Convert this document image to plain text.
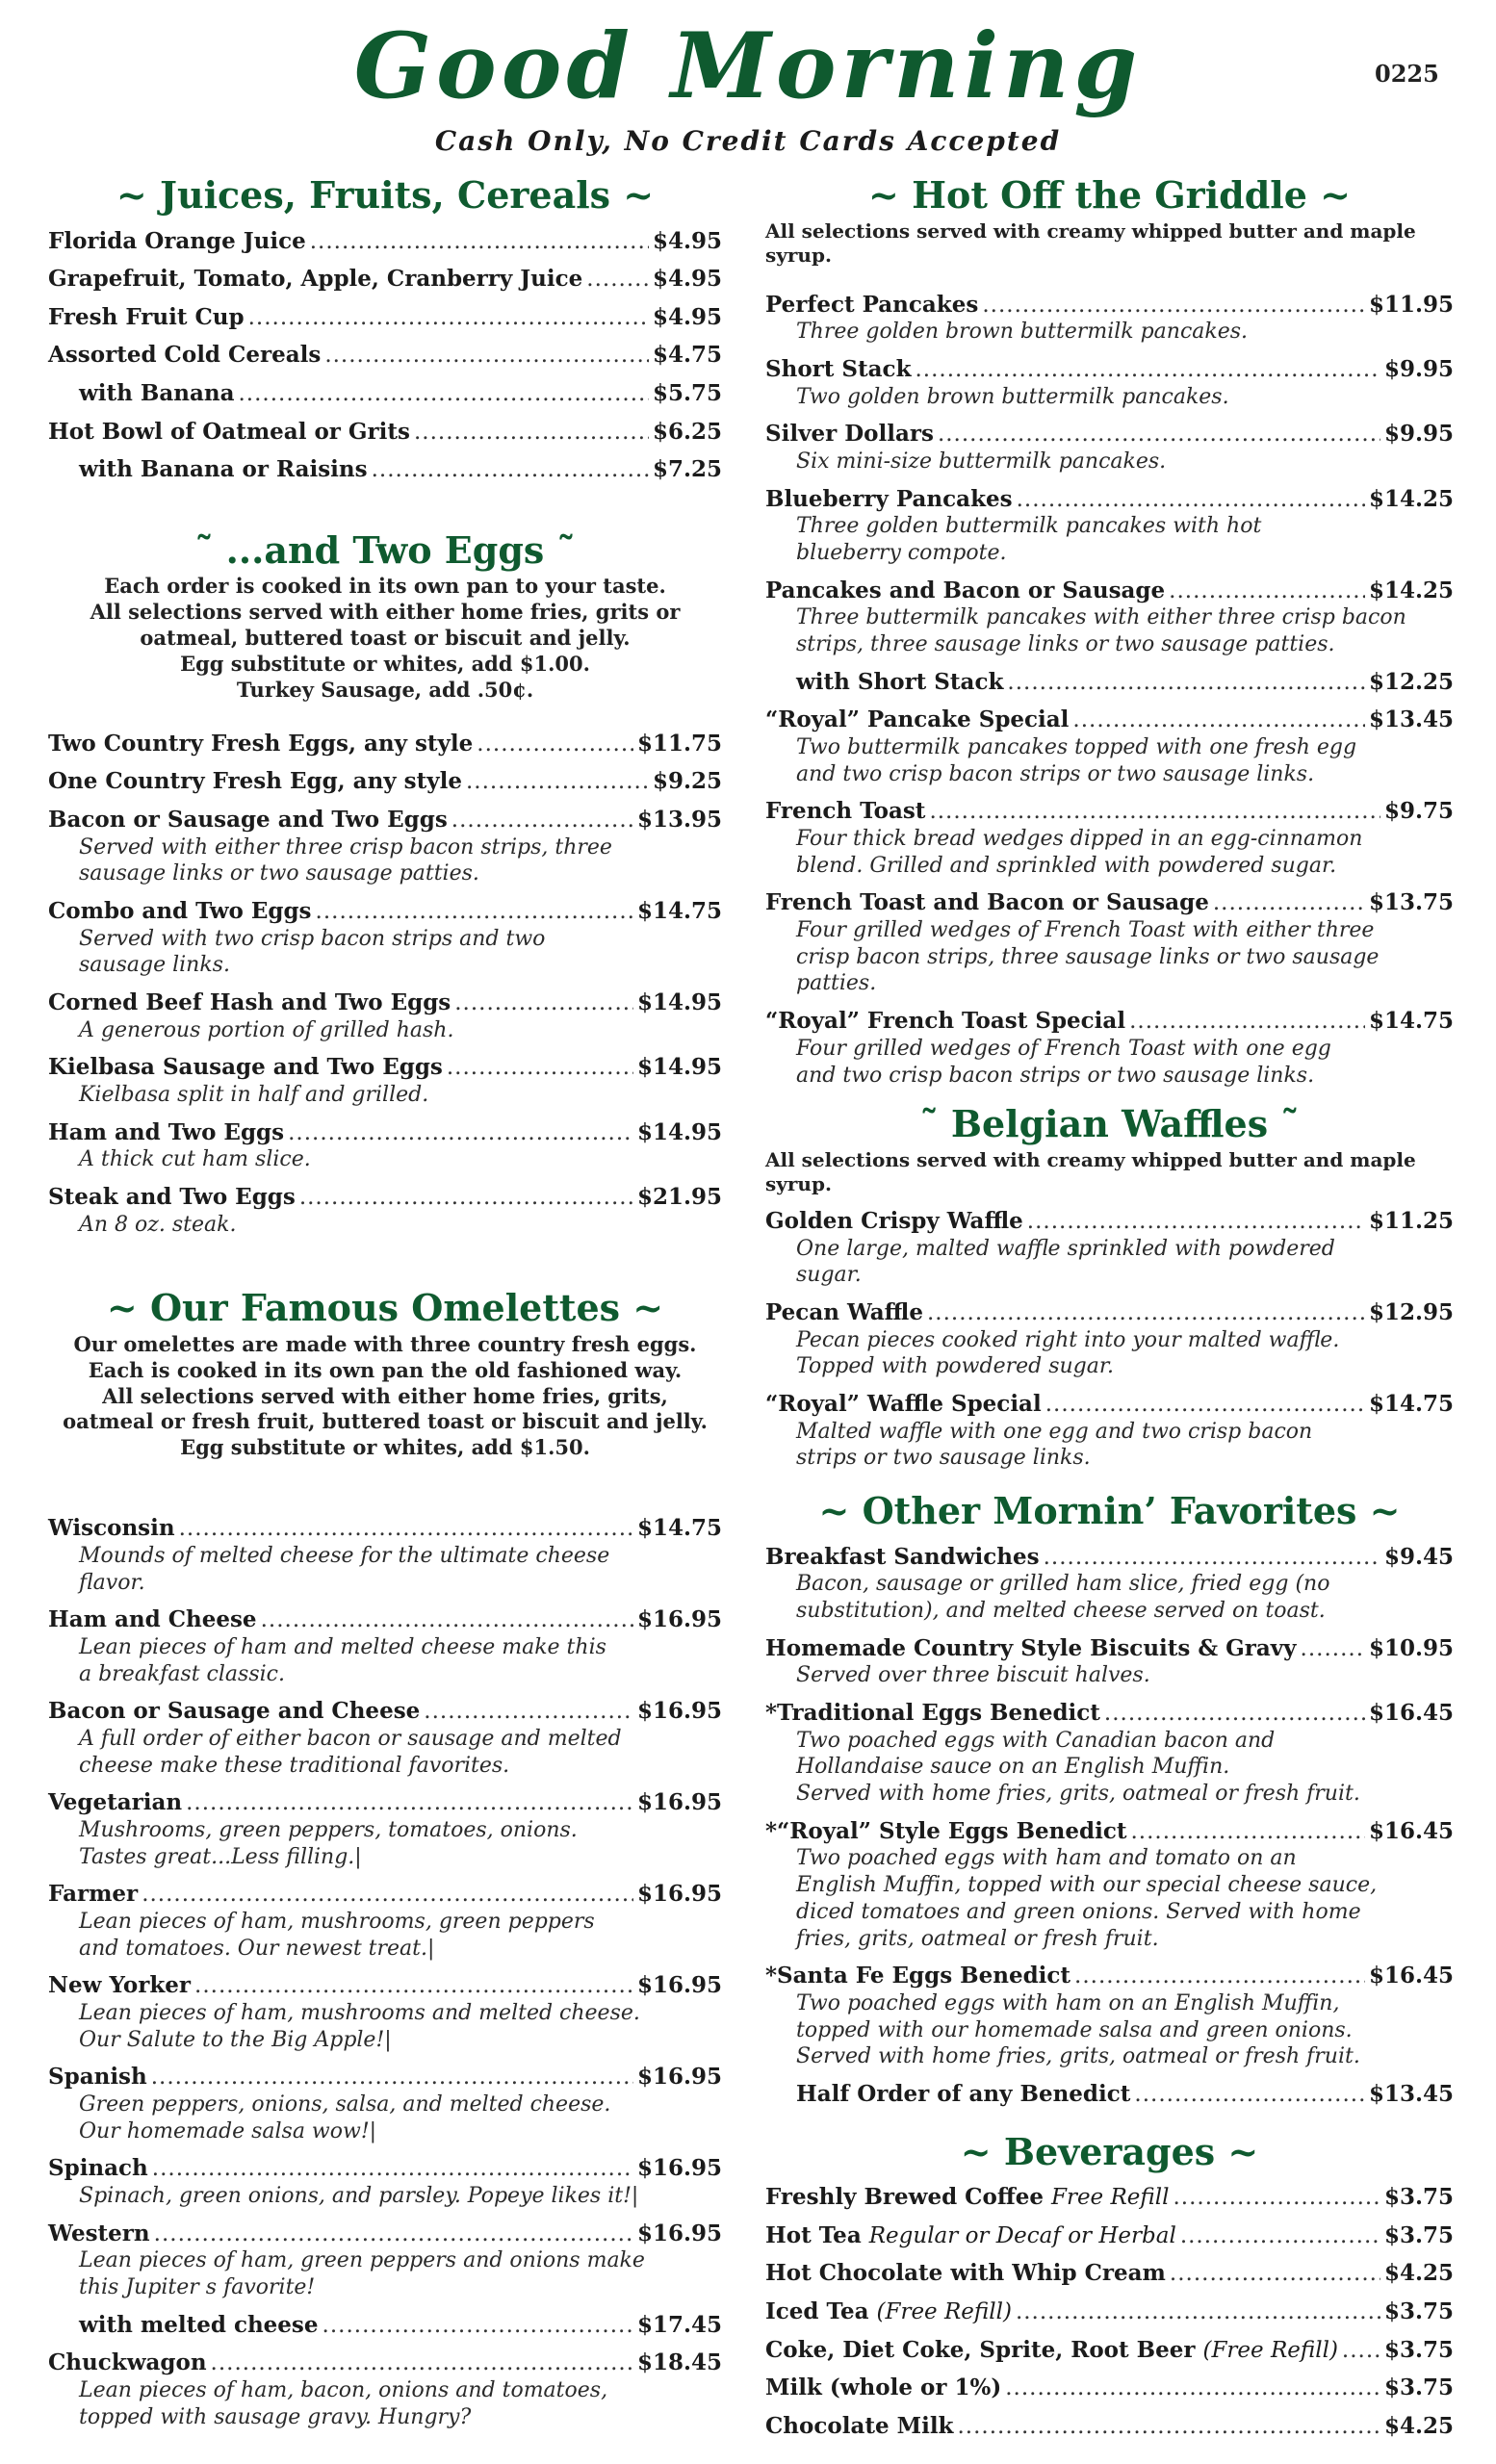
Good Morning	0225
Cash Only, No Credit Cards Accepted
~ Juices, Fruits, Cereals ~
Florida Orange Juice .....	$4.95
Grapefruit, Tomato, Apple, Cranberry Juice .....	$4.95
Fresh Fruit Cup .....	$4.95
Assorted Cold Cereals .....	$4.75
with Banana .....	$5.75
Hot Bowl of Oatmeal or Grits .....	$6.25
with Banana or Raisins .....	$7.25
˜ ...and Two Eggs ˜
Each order is cooked in its own pan to your taste.
All selections served with either home fries, grits or
oatmeal, buttered toast or biscuit and jelly.
Egg substitute or whites, add $1.00.
Turkey Sausage, add .50¢.
Two Country Fresh Eggs, any style .....	$11.75
One Country Fresh Egg, any style .....	$9.25
Bacon or Sausage and Two Eggs .....	$13.95
Served with either three crisp bacon strips, three
sausage links or two sausage patties.
Combo and Two Eggs .....	$14.75
Served with two crisp bacon strips and two
sausage links.
Corned Beef Hash and Two Eggs .....	$14.95
A generous portion of grilled hash.
Kielbasa Sausage and Two Eggs .....	$14.95
Kielbasa split in half and grilled.
Ham and Two Eggs .....	$14.95
A thick cut ham slice.
Steak and Two Eggs .....	$21.95
An 8 oz. steak.
~ Our Famous Omelettes ~
Our omelettes are made with three country fresh eggs.
Each is cooked in its own pan the old fashioned way.
All selections served with either home fries, grits,
oatmeal or fresh fruit, buttered toast or biscuit and jelly.
Egg substitute or whites, add $1.50.
Wisconsin .....	$14.75
Mounds of melted cheese for the ultimate cheese
flavor.
Ham and Cheese .....	$16.95
Lean pieces of ham and melted cheese make this
a breakfast classic.
Bacon or Sausage and Cheese .....	$16.95
A full order of either bacon or sausage and melted
cheese make these traditional favorites.
Vegetarian .....	$16.95
Mushrooms, green peppers, tomatoes, onions.
Tastes great...Less filling.|
Farmer .....	$16.95
Lean pieces of ham, mushrooms, green peppers
and tomatoes. Our newest treat.|
New Yorker .....	$16.95
Lean pieces of ham, mushrooms and melted cheese.
Our Salute to the Big Apple!|
Spanish .....	$16.95
Green peppers, onions, salsa, and melted cheese.
Our homemade salsa wow!|
Spinach .....	$16.95
Spinach, green onions, and parsley. Popeye likes it!|
Western .....	$16.95
Lean pieces of ham, green peppers and onions make
this Jupiter s favorite!
with melted cheese .....	$17.45
Chuckwagon .....	$18.45
Lean pieces of ham, bacon, onions and tomatoes,
topped with sausage gravy. Hungry?
~ Hot Off the Griddle ~
All selections served with creamy whipped butter and maple syrup.
Perfect Pancakes .....	$11.95
Three golden brown buttermilk pancakes.
Short Stack .....	$9.95
Two golden brown buttermilk pancakes.
Silver Dollars .....	$9.95
Six mini-size buttermilk pancakes.
Blueberry Pancakes .....	$14.25
Three golden buttermilk pancakes with hot
blueberry compote.
Pancakes and Bacon or Sausage .....	$14.25
Three buttermilk pancakes with either three crisp bacon
strips, three sausage links or two sausage patties.
with Short Stack .....	$12.25
“Royal” Pancake Special .....	$13.45
Two buttermilk pancakes topped with one fresh egg
and two crisp bacon strips or two sausage links.
French Toast .....	$9.75
Four thick bread wedges dipped in an egg-cinnamon
blend. Grilled and sprinkled with powdered sugar.
French Toast and Bacon or Sausage .....	$13.75
Four grilled wedges of French Toast with either three
crisp bacon strips, three sausage links or two sausage
patties.
“Royal” French Toast Special .....	$14.75
Four grilled wedges of French Toast with one egg
and two crisp bacon strips or two sausage links.
˜ Belgian Waffles ˜
All selections served with creamy whipped butter and maple syrup.
Golden Crispy Waffle .....	$11.25
One large, malted waffle sprinkled with powdered
sugar.
Pecan Waffle .....	$12.95
Pecan pieces cooked right into your malted waffle.
Topped with powdered sugar.
“Royal” Waffle Special .....	$14.75
Malted waffle with one egg and two crisp bacon
strips or two sausage links.
~ Other Mornin’ Favorites ~
Breakfast Sandwiches .....	$9.45
Bacon, sausage or grilled ham slice, fried egg (no
substitution), and melted cheese served on toast.
Homemade Country Style Biscuits & Gravy .....	$10.95
Served over three biscuit halves.
*Traditional Eggs Benedict .....	$16.45
Two poached eggs with Canadian bacon and
Hollandaise sauce on an English Muffin.
Served with home fries, grits, oatmeal or fresh fruit.
*“Royal” Style Eggs Benedict .....	$16.45
Two poached eggs with ham and tomato on an
English Muffin, topped with our special cheese sauce,
diced tomatoes and green onions. Served with home
fries, grits, oatmeal or fresh fruit.
*Santa Fe Eggs Benedict .....	$16.45
Two poached eggs with ham on an English Muffin,
topped with our homemade salsa and green onions.
Served with home fries, grits, oatmeal or fresh fruit.
Half Order of any Benedict .....	$13.45
~ Beverages ~
Freshly Brewed Coffee Free Refill .....	$3.75
Hot Tea Regular or Decaf or Herbal .....	$3.75
Hot Chocolate with Whip Cream .....	$4.25
Iced Tea (Free Refill) .....	$3.75
Coke, Diet Coke, Sprite, Root Beer (Free Refill) ..... $3.75
Milk (whole or 1%) .....	$3.75
Chocolate Milk .....	$4.25
